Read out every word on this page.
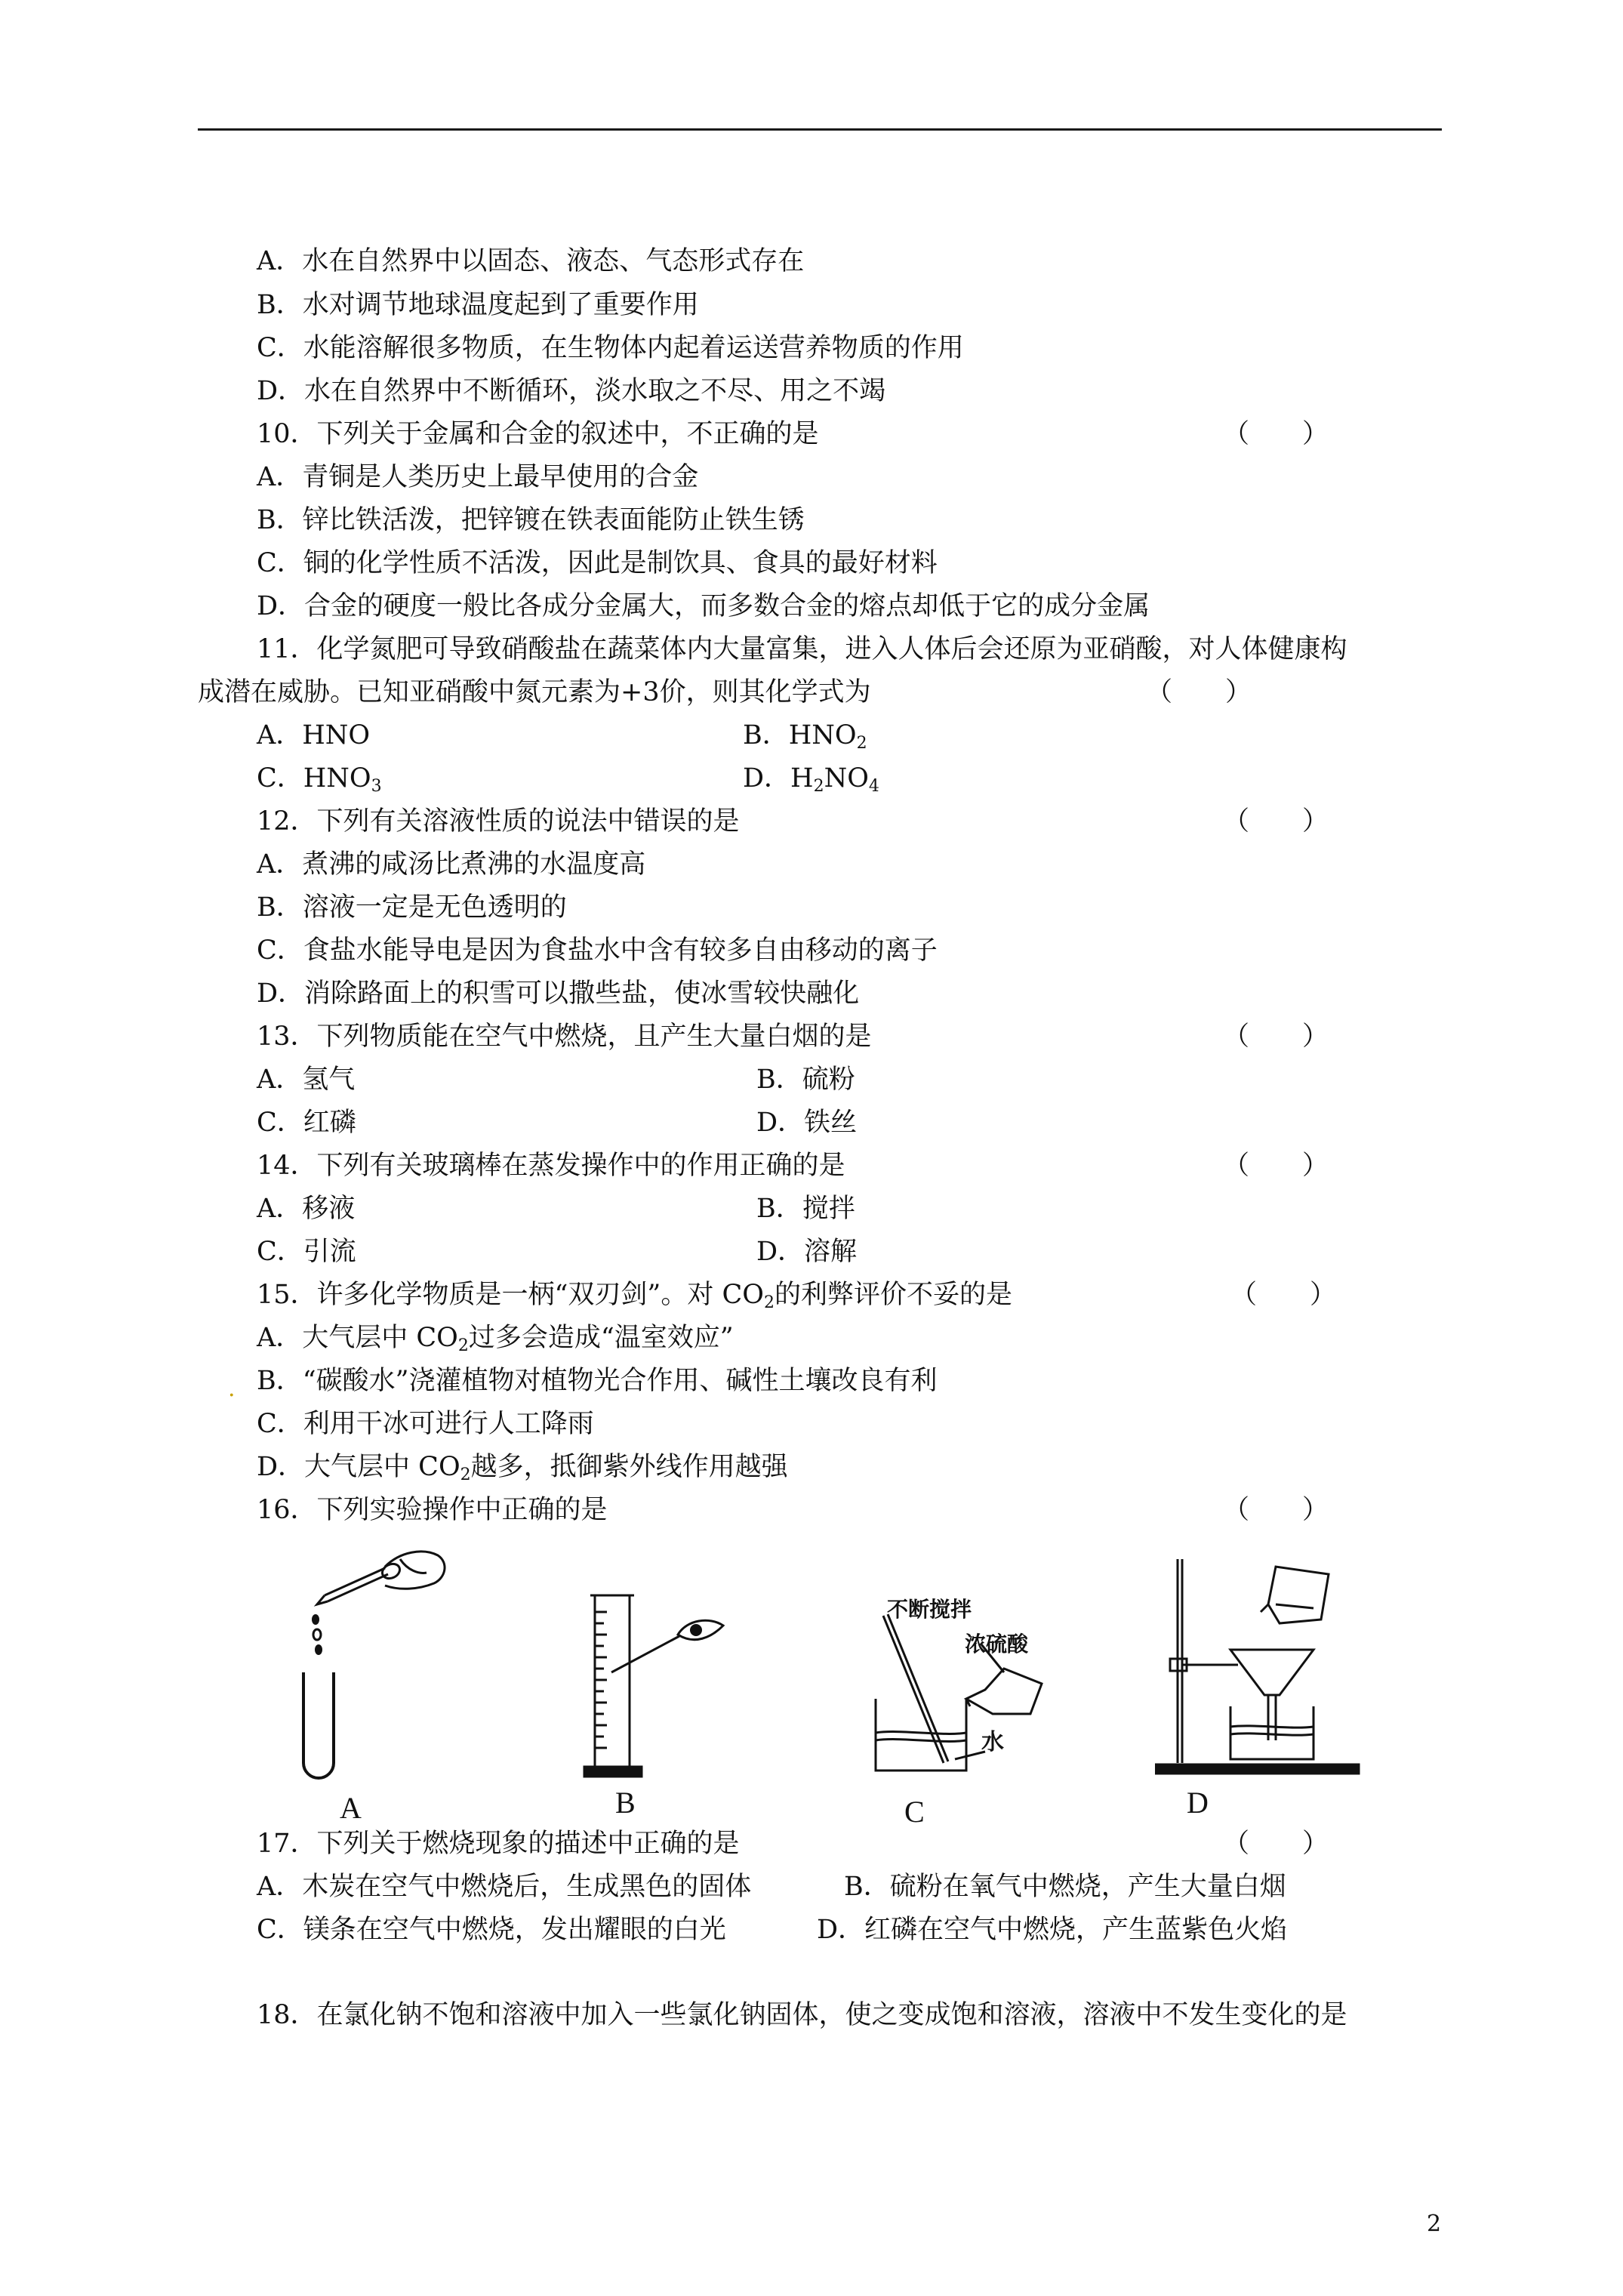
A．水在自然界中以固态、液态、气态形式存在
B．水对调节地球温度起到了重要作用
C．水能溶解很多物质，在生物体内起着运送营养物质的作用
D．水在自然界中不断循环，淡水取之不尽、用之不竭
10．下列关于金属和合金的叙述中，不正确的是	（　　）
A．青铜是人类历史上最早使用的合金
B．锌比铁活泼，把锌镀在铁表面能防止铁生锈
C．铜的化学性质不活泼，因此是制饮具、食具的最好材料
D．合金的硬度一般比各成分金属大，而多数合金的熔点却低于它的成分金属
11．化学氮肥可导致硝酸盐在蔬菜体内大量富集，进入人体后会还原为亚硝酸，对人体健康构
成潜在威胁。已知亚硝酸中氮元素为+3价，则其化学式为	（　　）
A．HNO	B．$HNO_2$
C．$HNO_3$	D．$H_2NO_4$
12．下列有关溶液性质的说法中错误的是	（　　）
A．煮沸的咸汤比煮沸的水温度高
B．溶液一定是无色透明的
C．食盐水能导电是因为食盐水中含有较多自由移动的离子
D．消除路面上的积雪可以撒些盐，使冰雪较快融化
13．下列物质能在空气中燃烧，且产生大量白烟的是	（　　）
A．氢气	B．硫粉
C．红磷	D．铁丝
14．下列有关玻璃棒在蒸发操作中的作用正确的是	（　　）
A．移液	B．搅拌
C．引流	D．溶解
15．许多化学物质是一柄“双刃剑”。对 $CO_2$的利弊评价不妥的是	（　　）
A．大气层中 $CO_2$过多会造成“温室效应”
. B．“碳酸水”浇灌植物对植物光合作用、碱性土壤改良有利
C．利用干冰可进行人工降雨
D．大气层中 $CO_2$越多，抵御紫外线作用越强
16．下列实验操作中正确的是	（　　）
A	B
不断搅拌
浓硫酸
水
C	D
17．下列关于燃烧现象的描述中正确的是	（　　）
A．木炭在空气中燃烧后，生成黑色的固体	B．硫粉在氧气中燃烧，产生大量白烟
C．镁条在空气中燃烧，发出耀眼的白光	D．红磷在空气中燃烧，产生蓝紫色火焰
18．在氯化钠不饱和溶液中加入一些氯化钠固体，使之变成饱和溶液，溶液中不发生变化的是
2
